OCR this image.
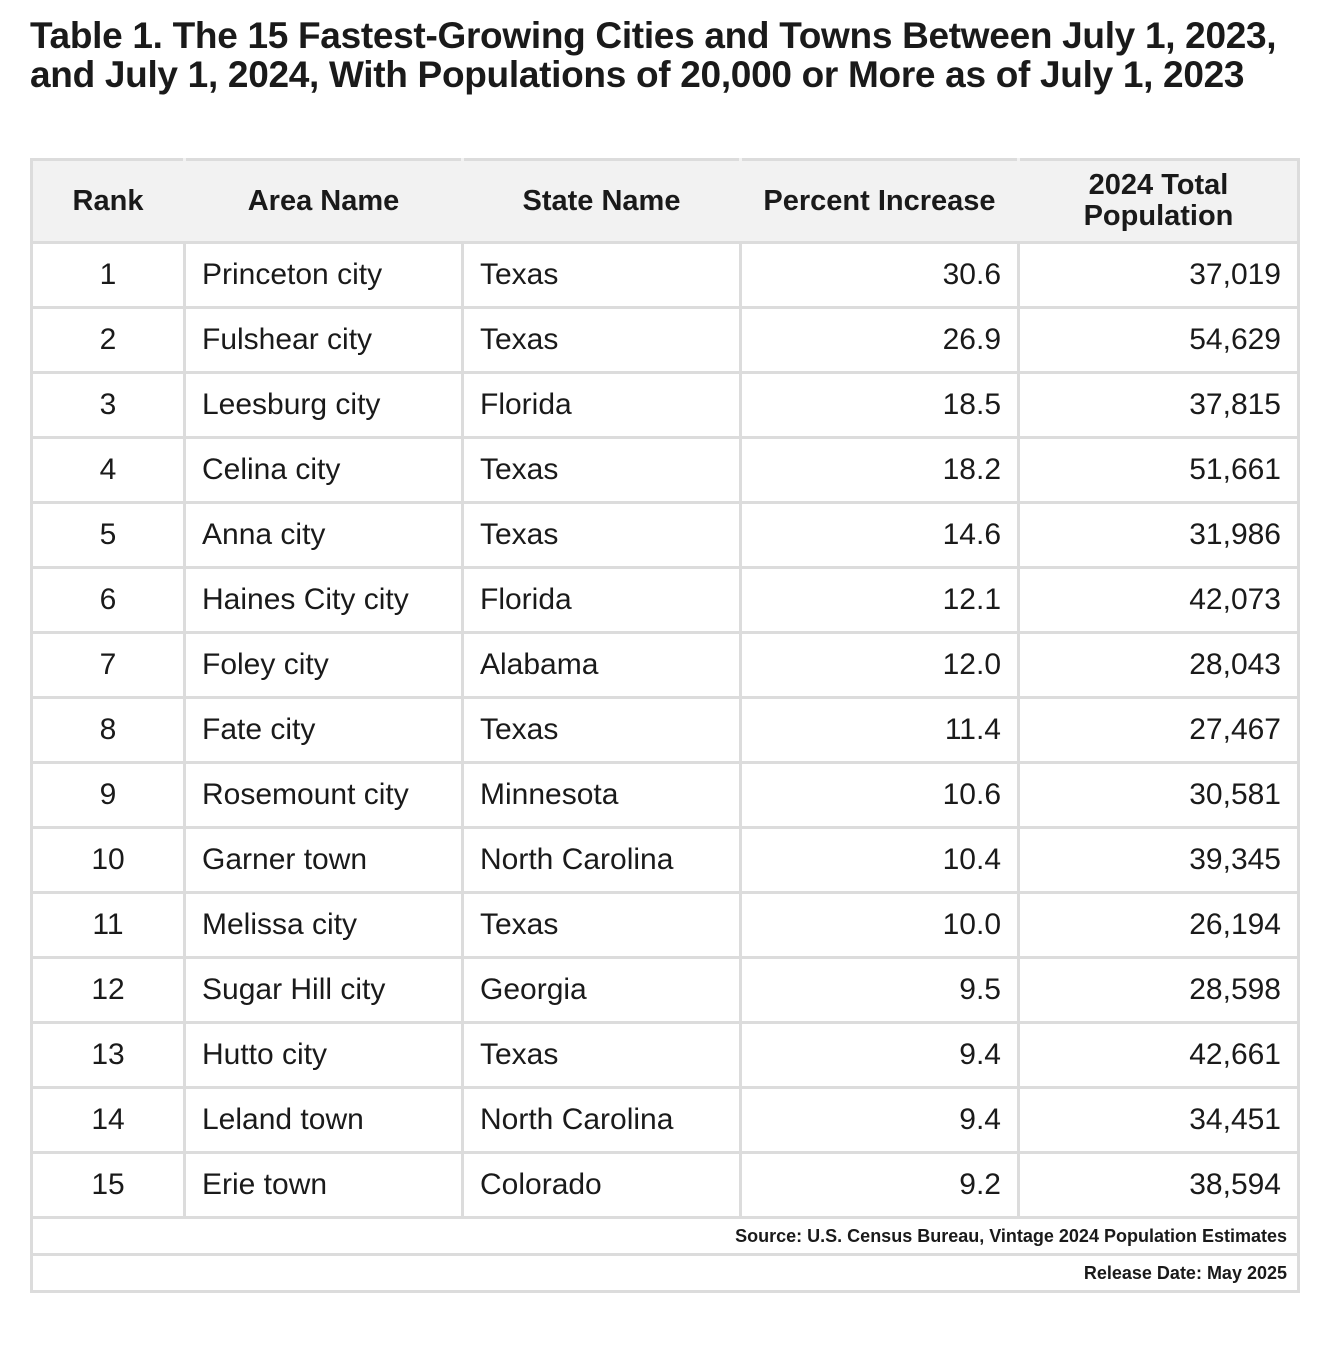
Table 1. The 15 Fastest-Growing Cities and Towns Between July 1, 2023, and July 1, 2024, With Populations of 20,000 or More as of July 1, 2023
Rank	Area Name	State Name	Percent Increase	2024 Total
Population
1	Princeton city	Texas	30.6	37,019
2	Fulshear city	Texas	26.9	54,629
3	Leesburg city	Florida	18.5	37,815
4	Celina city	Texas	18.2	51,661
5	Anna city	Texas	14.6	31,986
6	Haines City city	Florida	12.1	42,073
7	Foley city	Alabama	12.0	28,043
8	Fate city	Texas	11.4	27,467
9	Rosemount city	Minnesota	10.6	30,581
10	Garner town	North Carolina	10.4	39,345
11	Melissa city	Texas	10.0	26,194
12	Sugar Hill city	Georgia	9.5	28,598
13	Hutto city	Texas	9.4	42,661
14	Leland town	North Carolina	9.4	34,451
15	Erie town	Colorado	9.2	38,594
Source: U.S. Census Bureau, Vintage 2024 Population Estimates				
Release Date: May 2025				
